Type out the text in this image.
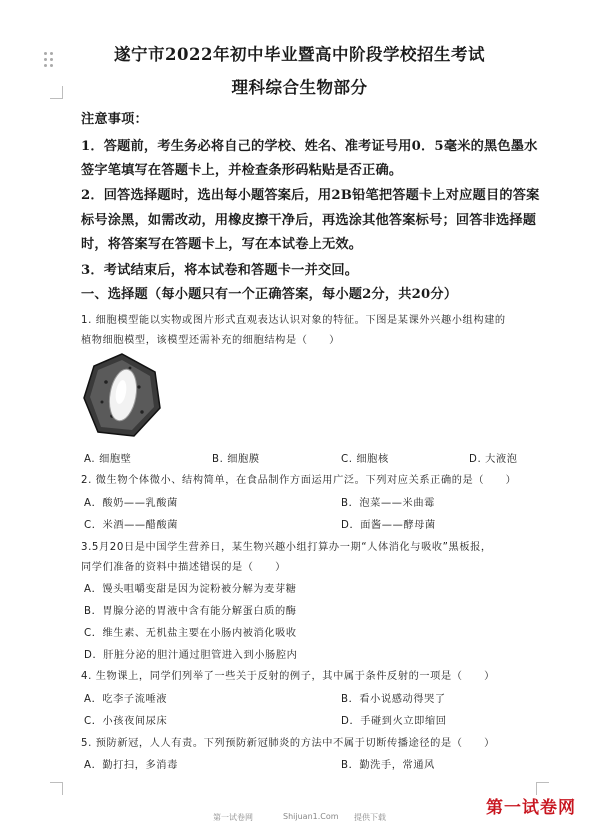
遂宁市2022年初中毕业暨高中阶段学校招生考试
理科综合生物部分
注意事项：
1．答题前，考生务必将自己的学校、姓名、准考证号用0．5毫米的黑色墨水
签字笔填写在答题卡上，并检查条形码粘贴是否正确。
2．回答选择题时，选出每小题答案后，用2B铅笔把答题卡上对应题目的答案
标号涂黑，如需改动，用橡皮擦干净后，再选涂其他答案标号；回答非选择题
时，将答案写在答题卡上，写在本试卷上无效。
3．考试结束后，将本试卷和答题卡一并交回。
一、选择题（每小题只有一个正确答案，每小题2分，共20分）
1. 细胞模型能以实物或图片形式直观表达认识对象的特征。下图是某课外兴趣小组构建的
植物细胞模型，该模型还需补充的细胞结构是（　　）
A. 细胞壁	B. 细胞膜	C. 细胞核	D. 大液泡
2. 微生物个体微小、结构简单，在食品制作方面运用广泛。下列对应关系正确的是（　　）
A．酸奶——乳酸菌	B．泡菜——米曲霉
C．米酒——醋酸菌	D．面酱——酵母菌
3.5月20日是中国学生营养日，某生物兴趣小组打算办一期“人体消化与吸收”黑板报，
同学们准备的资料中描述错误的是（　　）
A．馒头咀嚼变甜是因为淀粉被分解为麦芽糖
B．胃腺分泌的胃液中含有能分解蛋白质的酶
C．维生素、无机盐主要在小肠内被消化吸收
D．肝脏分泌的胆汁通过胆管进入到小肠腔内
4. 生物课上，同学们列举了一些关于反射的例子，其中属于条件反射的一项是（　　）
A．吃李子流唾液	B．看小说感动得哭了
C．小孩夜间尿床	D．手碰到火立即缩回
5. 预防新冠，人人有责。下列预防新冠肺炎的方法中不属于切断传播途径的是（　　）
A．勤打扫，多消毒	B．勤洗手，常通风
第一试卷网	Shijuan1.Com 提供下载	第一试卷网
